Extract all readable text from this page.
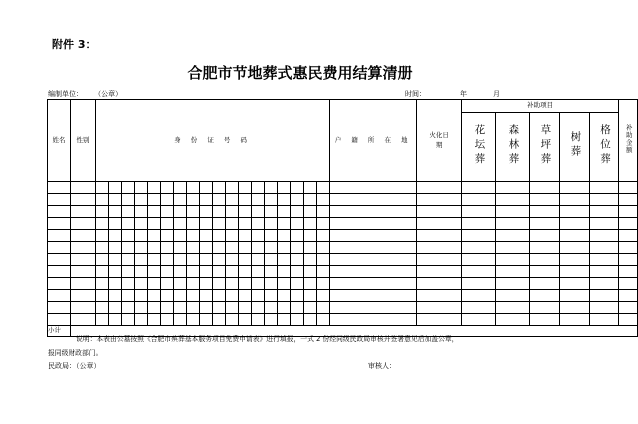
附件 3：
合肥市节地葬式惠民费用结算清册
编制单位： （公章）	时间：	年	月
姓名	性别	身 份 证 号 码																		户 籍 所 在 地	火化日期	补助项目					补助金额
																						花坛葬	森林葬	草坪葬	树葬	格位葬	

小计																											
说明：本表由公墓按照《合肥市殡葬基本服务项目免费申请表》进行填报，一式 2 份经同级民政局审核并签署意见后加盖公章，
报同级财政部门。
民政局：（公章）	审核人：
